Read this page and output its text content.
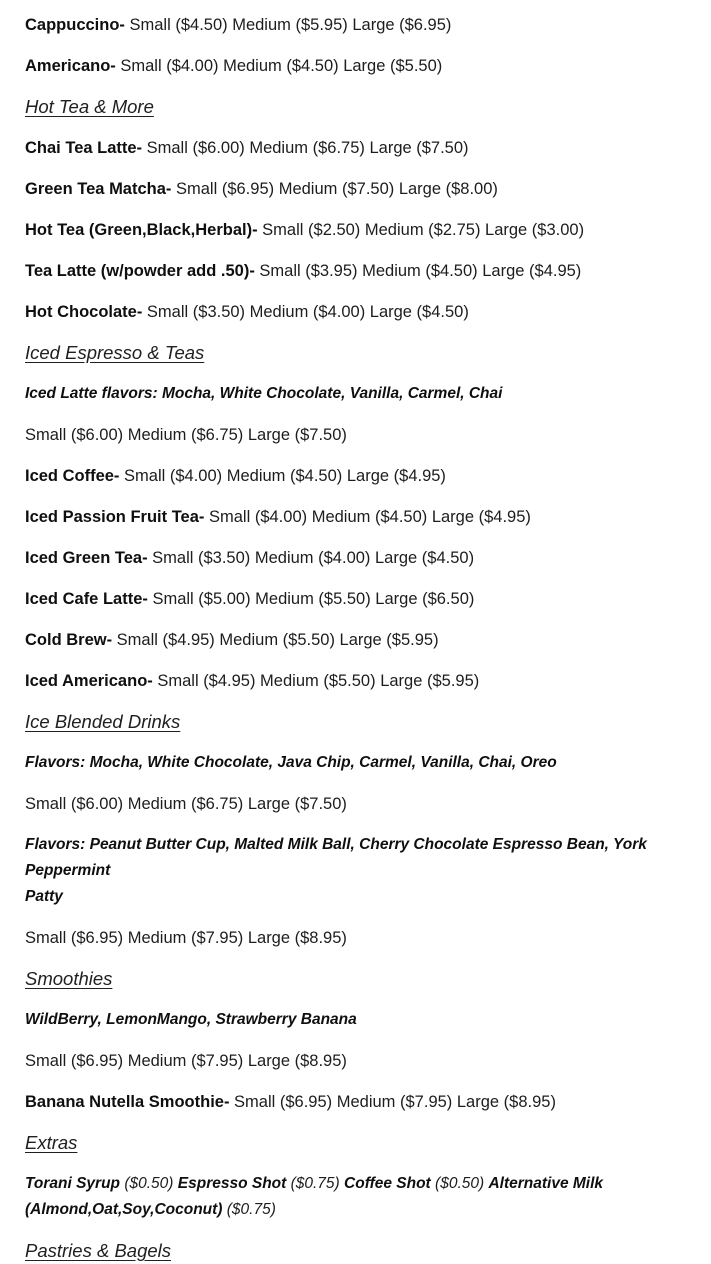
Cappuccino- Small ($4.50) Medium ($5.95) Large ($6.95)

Americano- Small ($4.00) Medium ($4.50) Large ($5.50)

Hot Tea & More

Chai Tea Latte- Small ($6.00) Medium ($6.75) Large ($7.50)

Green Tea Matcha- Small ($6.95) Medium ($7.50) Large ($8.00)

Hot Tea (Green,Black,Herbal)- Small ($2.50) Medium ($2.75) Large ($3.00)

Tea Latte (w/powder add .50)- Small ($3.95) Medium ($4.50) Large ($4.95)

Hot Chocolate- Small ($3.50) Medium ($4.00) Large ($4.50)

Iced Espresso & Teas

Iced Latte flavors: Mocha, White Chocolate, Vanilla, Carmel, Chai

Small ($6.00) Medium ($6.75) Large ($7.50)

Iced Coffee- Small ($4.00) Medium ($4.50) Large ($4.95)

Iced Passion Fruit Tea- Small ($4.00) Medium ($4.50) Large ($4.95)

Iced Green Tea- Small ($3.50) Medium ($4.00) Large ($4.50)

Iced Cafe Latte- Small ($5.00) Medium ($5.50) Large ($6.50)

Cold Brew- Small ($4.95) Medium ($5.50) Large ($5.95)

Iced Americano- Small ($4.95) Medium ($5.50) Large ($5.95)

Ice Blended Drinks

Flavors: Mocha, White Chocolate, Java Chip, Carmel, Vanilla, Chai, Oreo

Small ($6.00) Medium ($6.75) Large ($7.50)

Flavors: Peanut Butter Cup, Malted Milk Ball, Cherry Chocolate Espresso Bean, York Peppermint
Patty

Small ($6.95) Medium ($7.95) Large ($8.95)

Smoothies

WildBerry, LemonMango, Strawberry Banana

Small ($6.95) Medium ($7.95) Large ($8.95)

Banana Nutella Smoothie- Small ($6.95) Medium ($7.95) Large ($8.95)

Extras

Torani Syrup ($0.50) Espresso Shot ($0.75) Coffee Shot ($0.50) Alternative Milk
(Almond,Oat,Soy,Coconut) ($0.75)

Pastries & Bagels
